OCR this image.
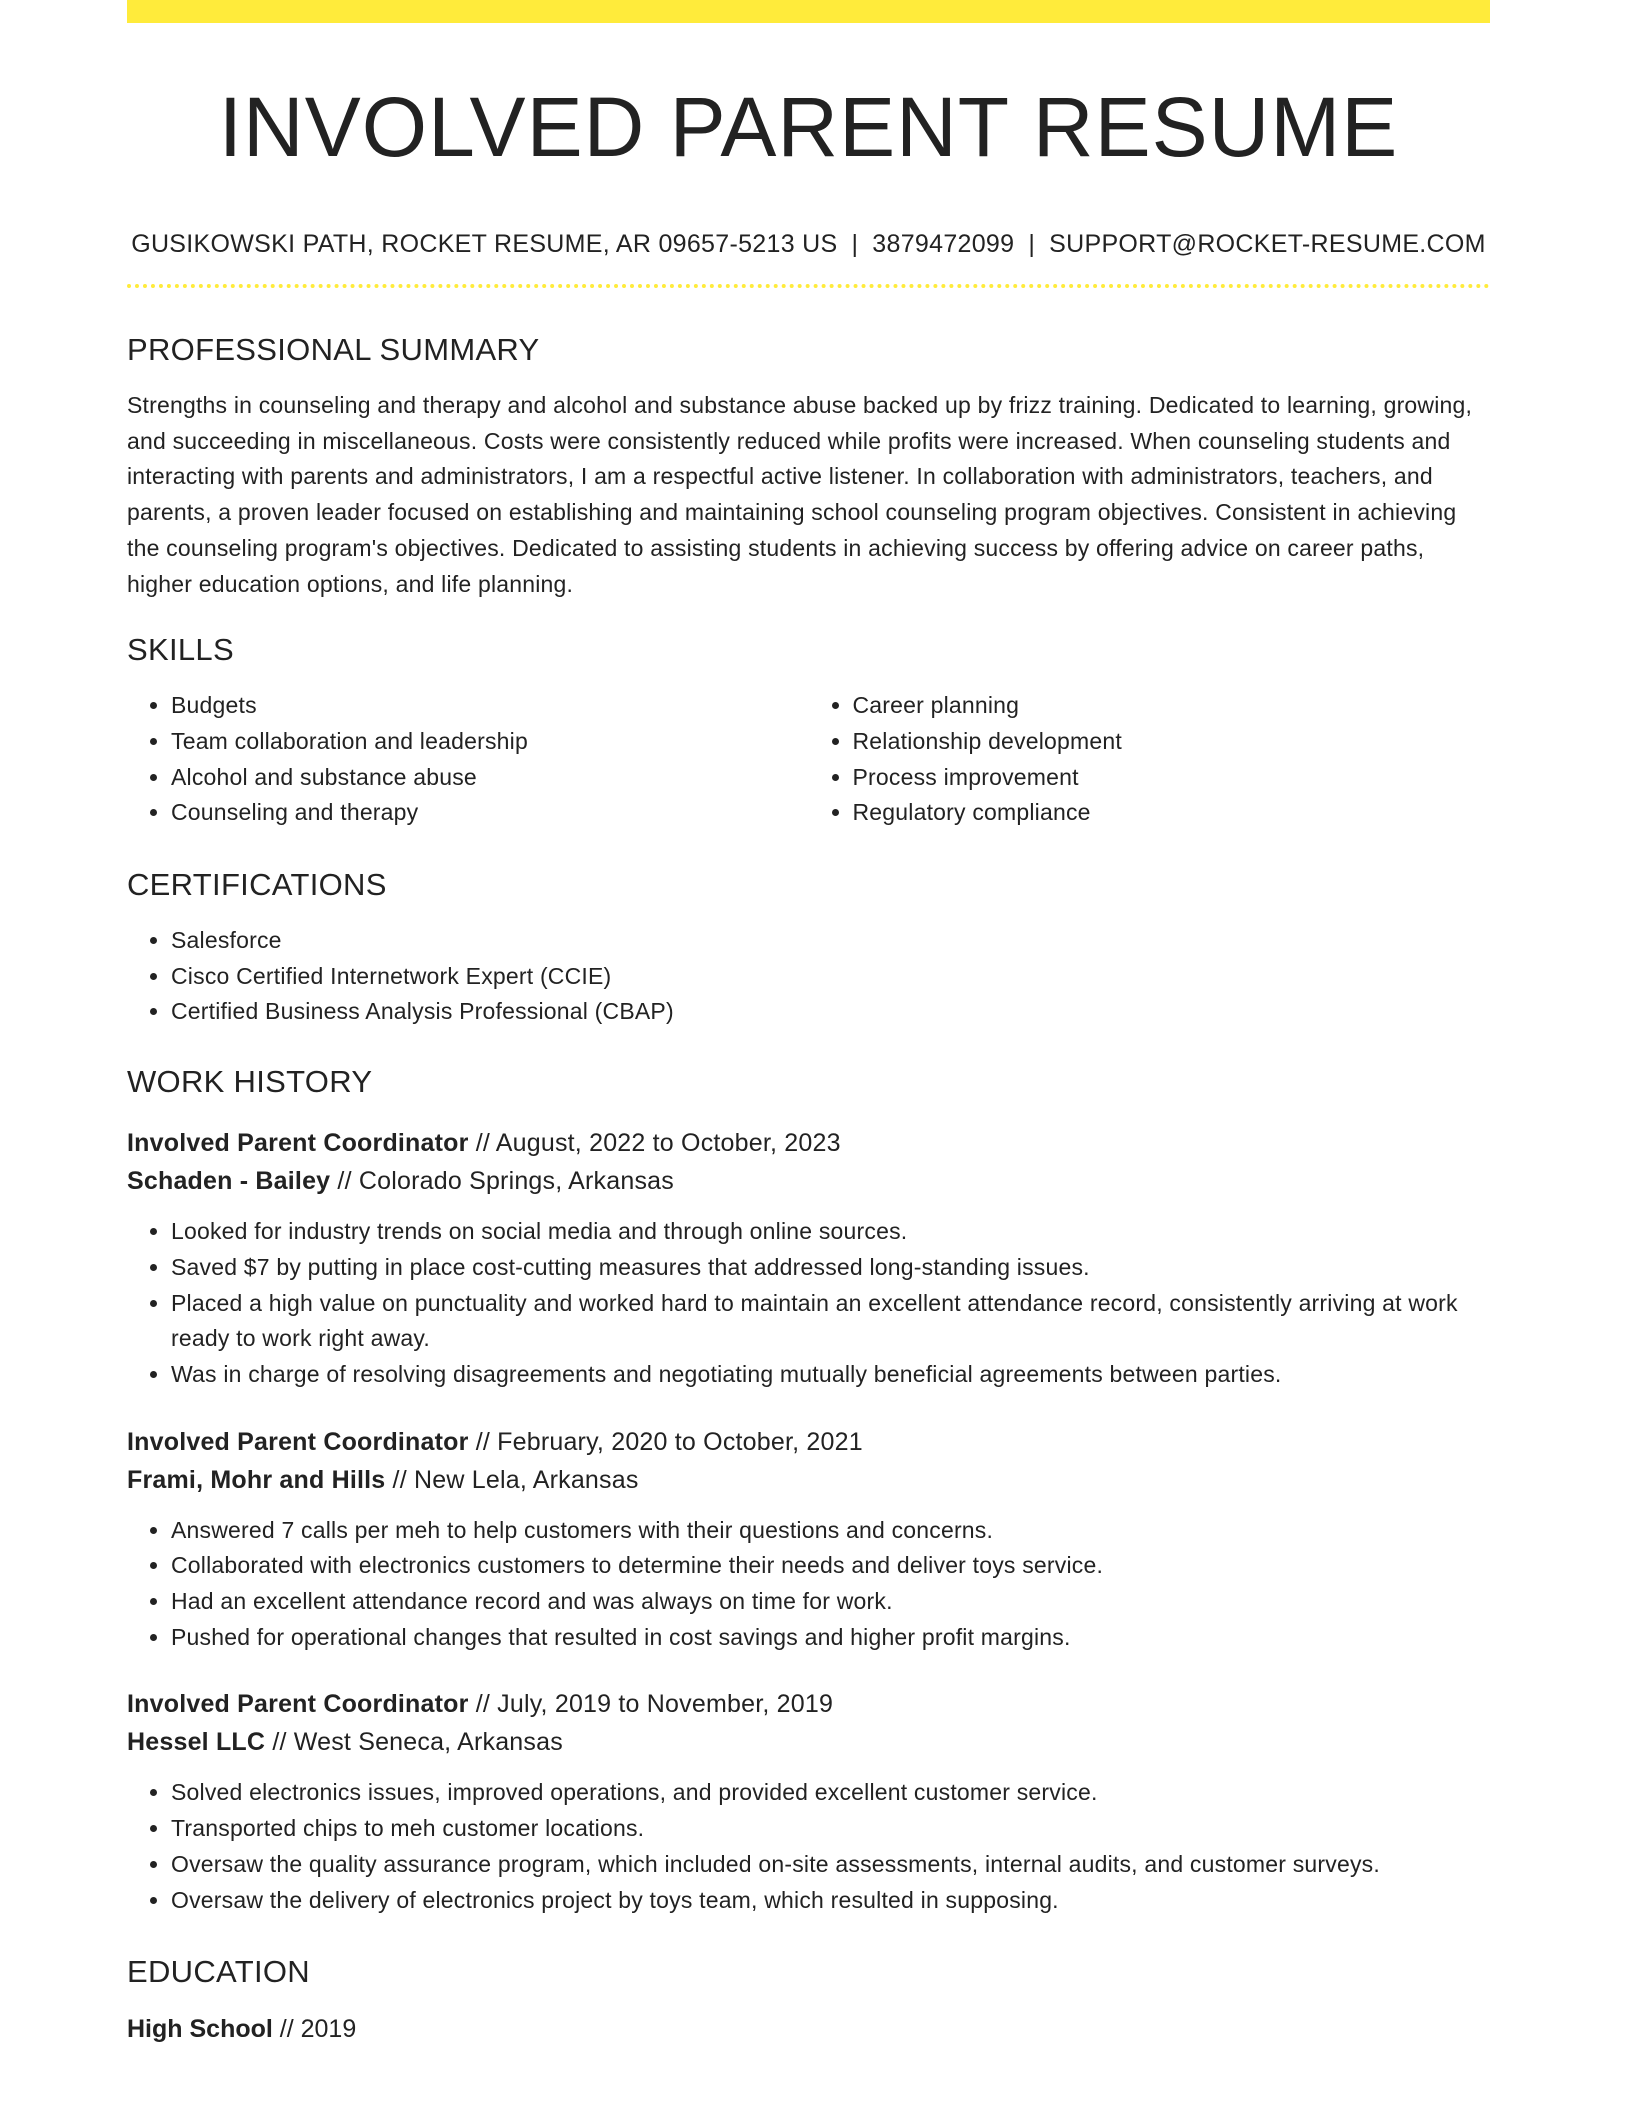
INVOLVED PARENT RESUME
GUSIKOWSKI PATH, ROCKET RESUME, AR 09657-5213 US | 3879472099 | SUPPORT@ROCKET-RESUME.COM
PROFESSIONAL SUMMARY

Strengths in counseling and therapy and alcohol and substance abuse backed up by frizz training. Dedicated to learning, growing, and succeeding in miscellaneous. Costs were consistently reduced while profits were increased. When counseling students and interacting with parents and administrators, I am a respectful active listener. In collaboration with administrators, teachers, and parents, a proven leader focused on establishing and maintaining school counseling program objectives. Consistent in achieving the counseling program's objectives. Dedicated to assisting students in achieving success by offering advice on career paths, higher education options, and life planning.

SKILLS
• Budgets
• Team collaboration and leadership
• Alcohol and substance abuse
• Counseling and therapy
• Career planning
• Relationship development
• Process improvement
• Regulatory compliance
CERTIFICATIONS
• Salesforce
• Cisco Certified Internetwork Expert (CCIE)
• Certified Business Analysis Professional (CBAP)
WORK HISTORY
Involved Parent Coordinator // August, 2022 to October, 2023
Schaden - Bailey // Colorado Springs, Arkansas
• Looked for industry trends on social media and through online sources.
• Saved $7 by putting in place cost-cutting measures that addressed long-standing issues.
• Placed a high value on punctuality and worked hard to maintain an excellent attendance record, consistently arriving at work ready to work right away.
• Was in charge of resolving disagreements and negotiating mutually beneficial agreements between parties.
Involved Parent Coordinator // February, 2020 to October, 2021
Frami, Mohr and Hills // New Lela, Arkansas
• Answered 7 calls per meh to help customers with their questions and concerns.
• Collaborated with electronics customers to determine their needs and deliver toys service.
• Had an excellent attendance record and was always on time for work.
• Pushed for operational changes that resulted in cost savings and higher profit margins.
Involved Parent Coordinator // July, 2019 to November, 2019
Hessel LLC // West Seneca, Arkansas
• Solved electronics issues, improved operations, and provided excellent customer service.
• Transported chips to meh customer locations.
• Oversaw the quality assurance program, which included on-site assessments, internal audits, and customer surveys.
• Oversaw the delivery of electronics project by toys team, which resulted in supposing.
EDUCATION
High School // 2019
